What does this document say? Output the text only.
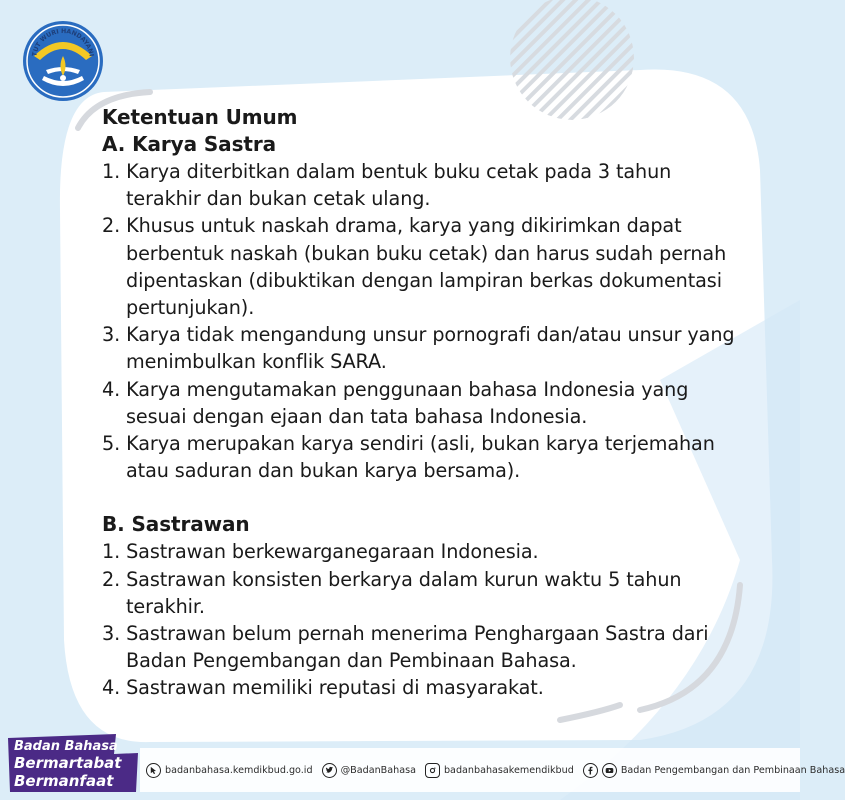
TUT WURI HANDAYANI
Ketentuan Umum
A. Karya Sastra
1. Karya diterbitkan dalam bentuk buku cetak pada 3 tahun terakhir dan bukan cetak ulang.
2. Khusus untuk naskah drama, karya yang dikirimkan dapat berbentuk naskah (bukan buku cetak) dan harus sudah pernah dipentaskan (dibuktikan dengan lampiran berkas dokumentasi pertunjukan).
3. Karya tidak mengandung unsur pornografi dan/atau unsur yang menimbulkan konflik SARA.
4. Karya mengutamakan penggunaan bahasa Indonesia yang sesuai dengan ejaan dan tata bahasa Indonesia.
5. Karya merupakan karya sendiri (asli, bukan karya terjemahan atau saduran dan bukan karya bersama).
B. Sastrawan
1. Sastrawan berkewarganegaraan Indonesia.
2. Sastrawan konsisten berkarya dalam kurun waktu 5 tahun terakhir.
3. Sastrawan belum pernah menerima Penghargaan Sastra dari Badan Pengembangan dan Pembinaan Bahasa.
4. Sastrawan memiliki reputasi di masyarakat.
Badan Bahasa
Bermartabat
Bermanfaat
badanbahasa.kemdikbud.go.id	@BadanBahasa	badanbahasakemendikbud	Badan Pengembangan dan Pembinaan Bahasa
